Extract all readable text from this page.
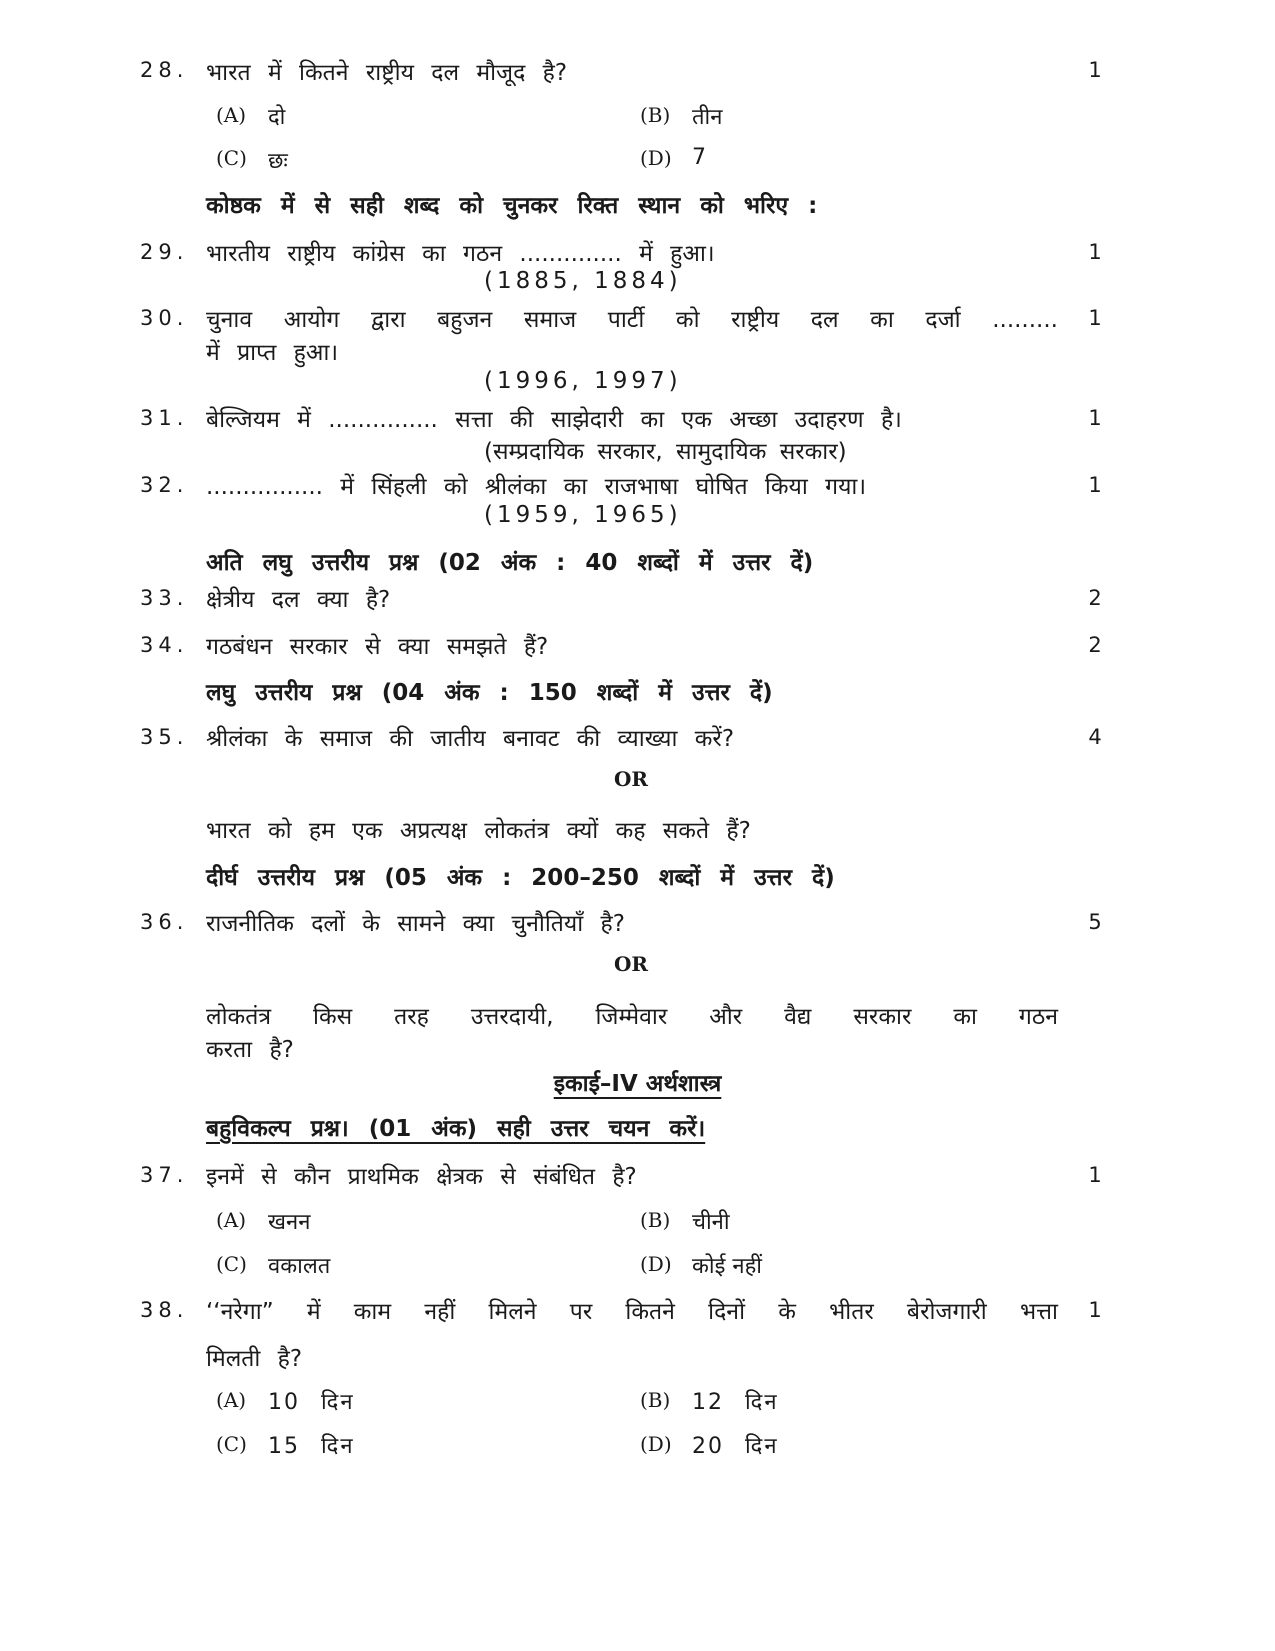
28. भारत में कितने राष्ट्रीय दल मौजूद है?	1
(A) दो	(B) तीन
(C) छः	(D) 7
कोष्ठक में से सही शब्द को चुनकर रिक्त स्थान को भरिए :
29. भारतीय राष्ट्रीय कांग्रेस का गठन .............. में हुआ।	1
(1885, 1884)
30. चुनाव आयोग द्वारा बहुजन समाज पार्टी को राष्ट्रीय दल का दर्जा .........	1
में प्राप्त हुआ।
(1996, 1997)
31. बेल्जियम में ............... सत्ता की साझेदारी का एक अच्छा उदाहरण है।	1
(सम्प्रदायिक सरकार, सामुदायिक सरकार)
32. ................ में सिंहली को श्रीलंका का राजभाषा घोषित किया गया।	1
(1959, 1965)
अति लघु उत्तरीय प्रश्न (02 अंक : 40 शब्दों में उत्तर दें)
33. क्षेत्रीय दल क्या है?	2
34. गठबंधन सरकार से क्या समझते हैं?	2
लघु उत्तरीय प्रश्न (04 अंक : 150 शब्दों में उत्तर दें)
35. श्रीलंका के समाज की जातीय बनावट की व्याख्या करें?	4
OR
भारत को हम एक अप्रत्यक्ष लोकतंत्र क्यों कह सकते हैं?
दीर्घ उत्तरीय प्रश्न (05 अंक : 200–250 शब्दों में उत्तर दें)
36. राजनीतिक दलों के सामने क्या चुनौतियाँ है?	5
OR
लोकतंत्र किस तरह उत्तरदायी, जिम्मेवार और वैद्य सरकार का गठन
करता है?
इकाई–IV अर्थशास्त्र
बहुविकल्प प्रश्न। (01 अंक) सही उत्तर चयन करें।
37. इनमें से कौन प्राथमिक क्षेत्रक से संबंधित है?	1
(A) खनन	(B) चीनी
(C) वकालत	(D) कोई नहीं
38. ‘‘नरेगा” में काम नहीं मिलने पर कितने दिनों के भीतर बेरोजगारी भत्ता	1
मिलती है?
(A) 10 दिन	(B) 12 दिन
(C) 15 दिन	(D) 20 दिन
